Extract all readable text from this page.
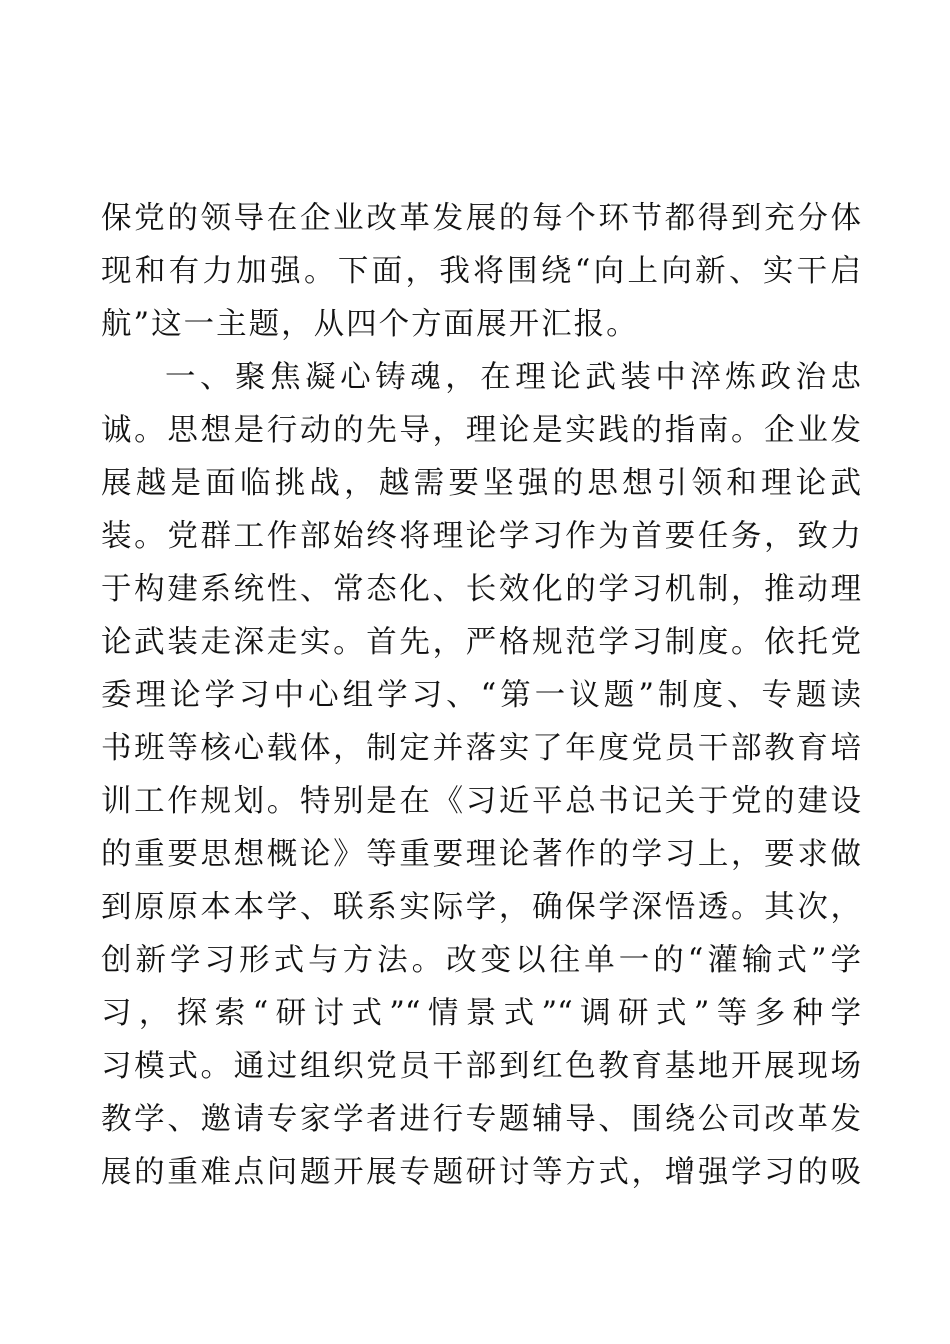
保党的领导在企业改革发展的每个环节都得到充分体
现和有力加强。下面，我将围绕“向上向新、实干启
航”这一主题，从四个方面展开汇报。
一、聚焦凝心铸魂，在理论武装中淬炼政治忠
诚。思想是行动的先导，理论是实践的指南。企业发
展越是面临挑战，越需要坚强的思想引领和理论武
装。党群工作部始终将理论学习作为首要任务，致力
于构建系统性、常态化、长效化的学习机制，推动理
论武装走深走实。首先，严格规范学习制度。依托党
委理论学习中心组学习、“第一议题”制度、专题读
书班等核心载体，制定并落实了年度党员干部教育培
训工作规划。特别是在《习近平总书记关于党的建设
的重要思想概论》等重要理论著作的学习上，要求做
到原原本本学、联系实际学，确保学深悟透。其次，
创新学习形式与方法。改变以往单一的“灌输式”学
习，探索“研讨式”“情景式”“调研式”等多种学
习模式。通过组织党员干部到红色教育基地开展现场
教学、邀请专家学者进行专题辅导、围绕公司改革发
展的重难点问题开展专题研讨等方式，增强学习的吸
